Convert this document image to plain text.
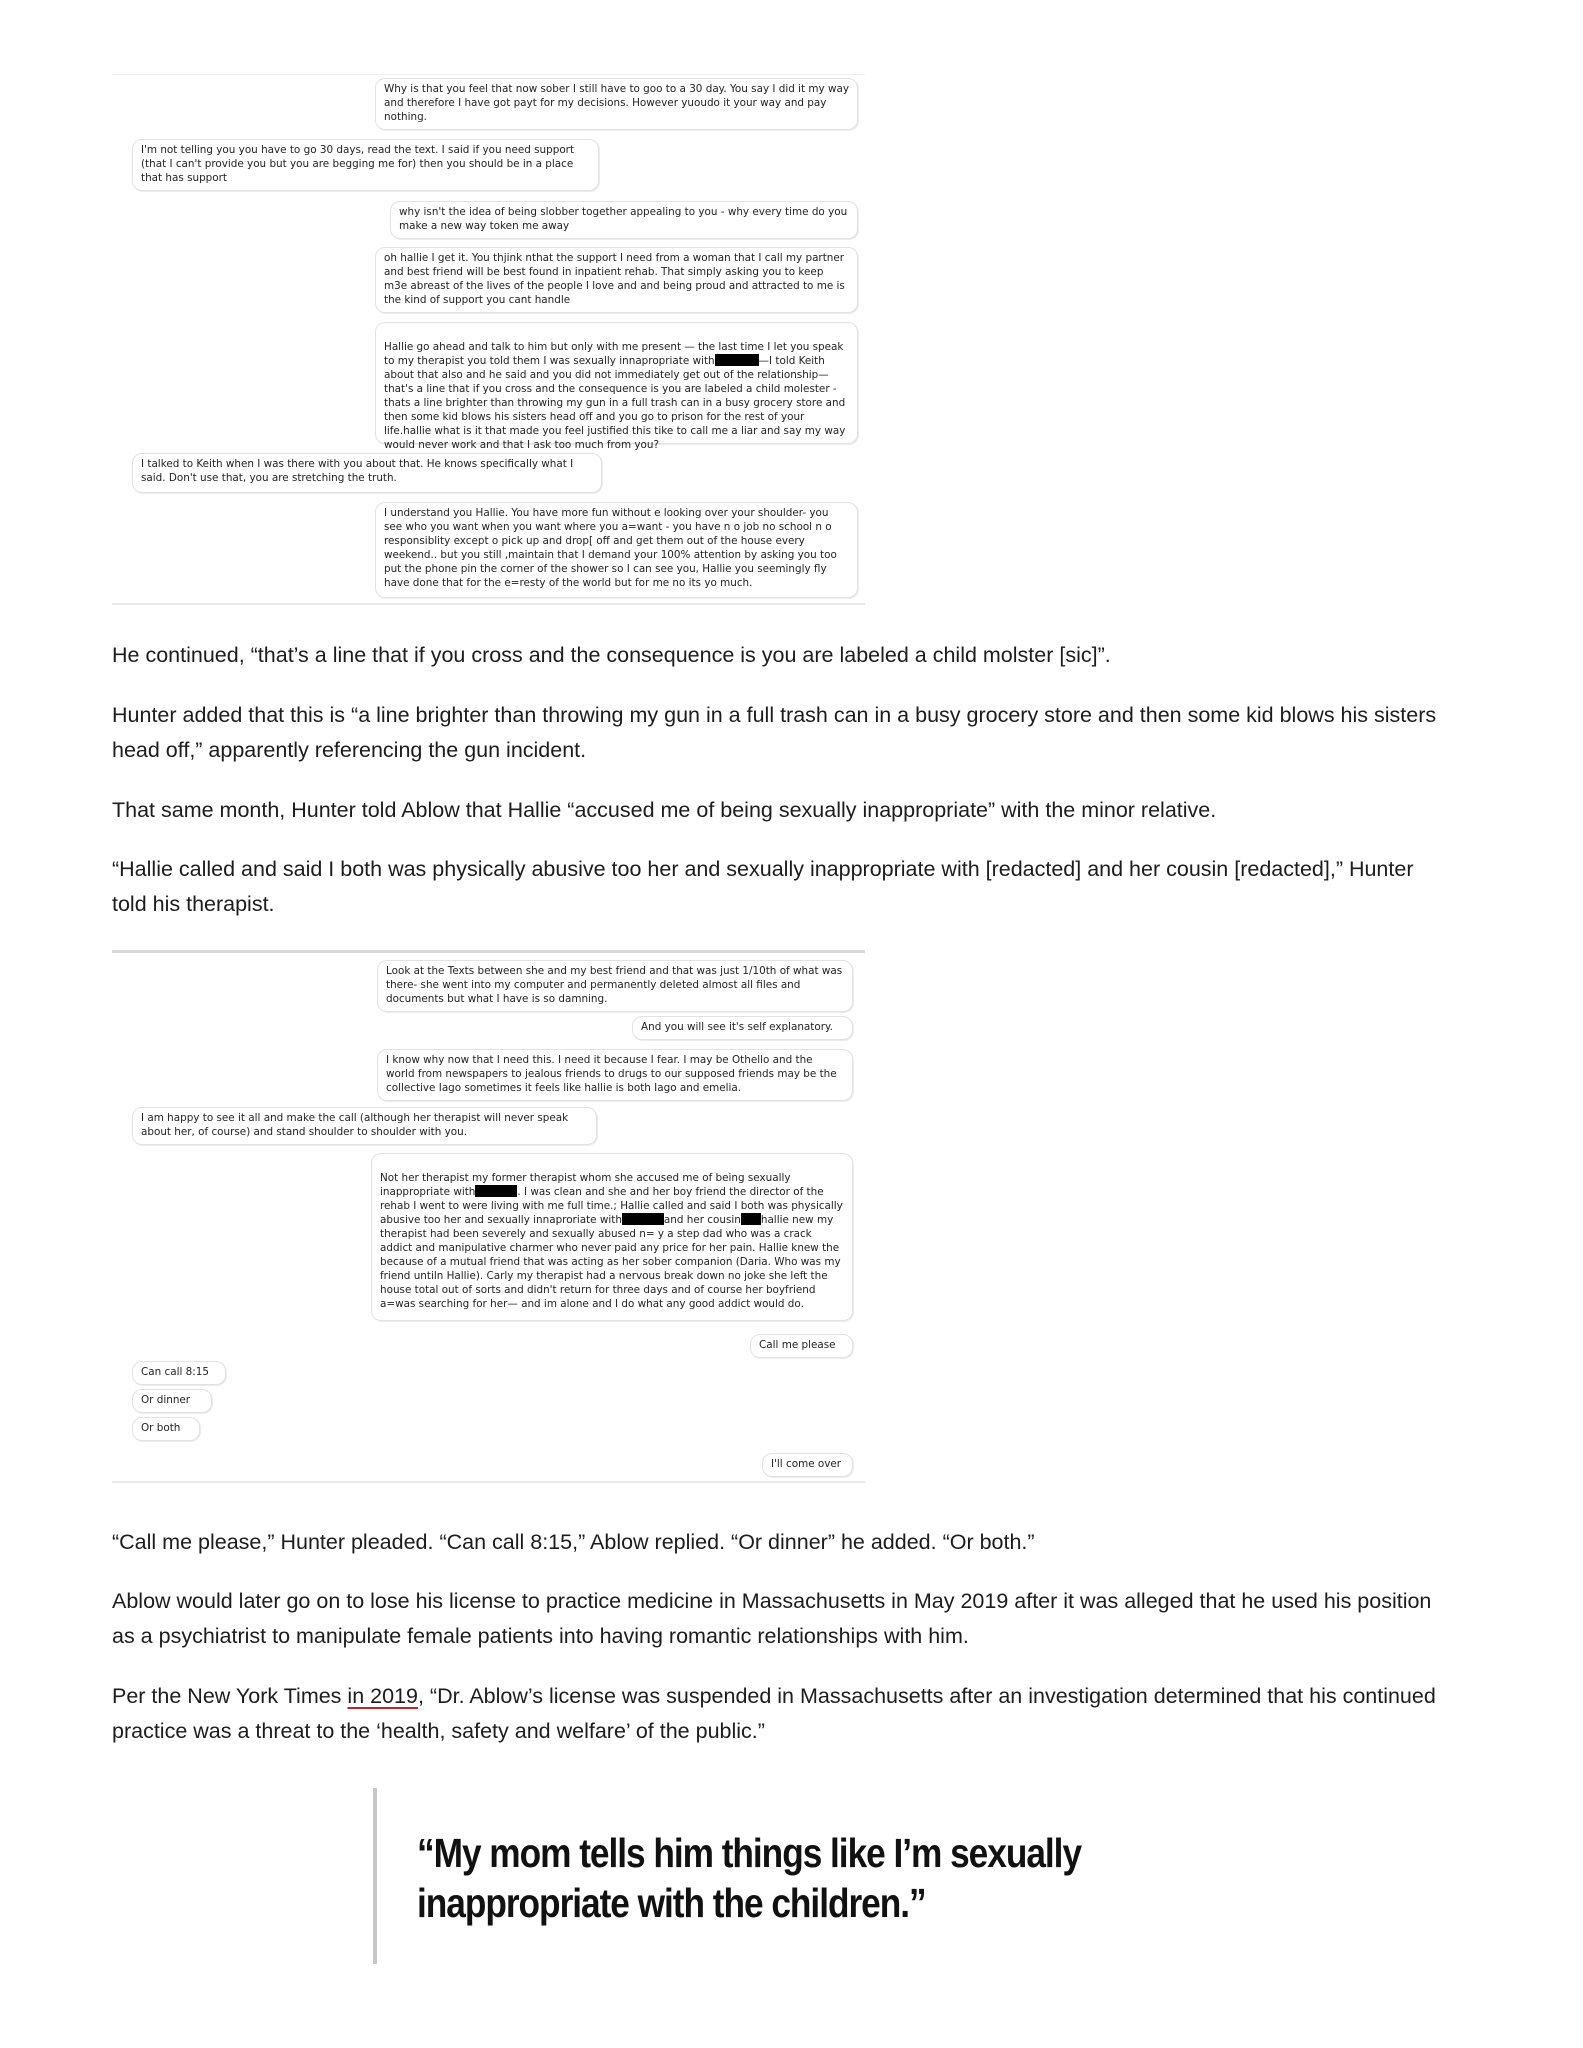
Why is that you feel that now sober I still have to goo to a 30 day. You say I did it my way and therefore I have got payt for my decisions. However yuoudo it your way and pay nothing.
I'm not telling you you have to go 30 days, read the text. I said if you need support (that I can't provide you but you are begging me for) then you should be in a place that has support
why isn't the idea of being slobber together appealing to you - why every time do you make a new way token me away
oh hallie I get it. You thjink nthat the support I need from a woman that I call my partner and best friend will be best found in inpatient rehab. That simply asking you to keep m3e abreast of the lives of the people I love and and being proud and attracted to me is the kind of support you cant handle

Hallie go ahead and talk to him but only with me present — the last time I let you speak to my therapist you told them I was sexually innapropriate with	—I told Keith about that also and he said and you did not immediately get out of the relationship— that's a line that if you cross and the consequence is you are labeled a child molester - thats a line brighter than throwing my gun in a full trash can in a busy grocery store and then some kid blows his sisters head off and you go to prison for the rest of your life.hallie what is it that made you feel justified this tike to call me a liar and say my way would never work and that I ask too much from you?

I talked to Keith when I was there with you about that. He knows specifically what I said. Don't use that, you are stretching the truth.
I understand you Hallie. You have more fun without e looking over your shoulder- you see who you want when you want where you a=want - you have n o job no school n o responsiblity except o pick up and drop[ off and get them out of the house every weekend.. but you still ,maintain that I demand your 100% attention by asking you too put the phone pin the corner of the shower so I can see you, Hallie you seemingly fly have done that for the e=resty of the world but for me no its yo much.

He continued, “that’s a line that if you cross and the consequence is you are labeled a child molster [sic]”.

Hunter added that this is “a line brighter than throwing my gun in a full trash can in a busy grocery store and then some kid blows his sisters head off,” apparently referencing the gun incident.

That same month, Hunter told Ablow that Hallie “accused me of being sexually inappropriate” with the minor relative.

“Hallie called and said I both was physically abusive too her and sexually inappropriate with [redacted] and her cousin [redacted],” Hunter told his therapist.

Look at the Texts between she and my best friend and that was just 1/10th of what was there- she went into my computer and permanently deleted almost all files and documents but what I have is so damning.
And you will see it's self explanatory.
I know why now that I need this. I need it because I fear. I may be Othello and the world from newspapers to jealous friends to drugs to our supposed friends may be the collective Iago sometimes it feels like hallie is both Iago and emelia.
I am happy to see it all and make the call (although her therapist will never speak about her, of course) and stand shoulder to shoulder with you.

Not her therapist my former therapist whom she accused me of being sexually inappropriate with	. I was clean and she and her boy friend the director of the rehab I went to were living with me full time.; Hallie called and said I both was physically abusive too her and sexually innaproriate with	and her cousin hallie new my therapist had been severely and sexually abused n= y a step dad who was a crack addict and manipulative charmer who never paid any price for her pain. Hallie knew the because of a mutual friend that was acting as her sober companion (Daria. Who was my friend untiln Hallie). Carly my therapist had a nervous break down no joke she left the house total out of sorts and didn't return for three days and of course her boyfriend a=was searching for her— and im alone and I do what any good addict would do.

Call me please
Can call 8:15
Or dinner
Or both
I'll come over

“Call me please,” Hunter pleaded. “Can call 8:15,” Ablow replied. “Or dinner” he added. “Or both.”

Ablow would later go on to lose his license to practice medicine in Massachusetts in May 2019 after it was alleged that he used his position as a psychiatrist to manipulate female patients into having romantic relationships with him.

Per the New York Times in 2019, “Dr. Ablow’s license was suspended in Massachusetts after an investigation determined that his continued practice was a threat to the ‘health, safety and welfare’ of the public.”

“My mom tells him things like I’m sexually inappropriate with the children.”
